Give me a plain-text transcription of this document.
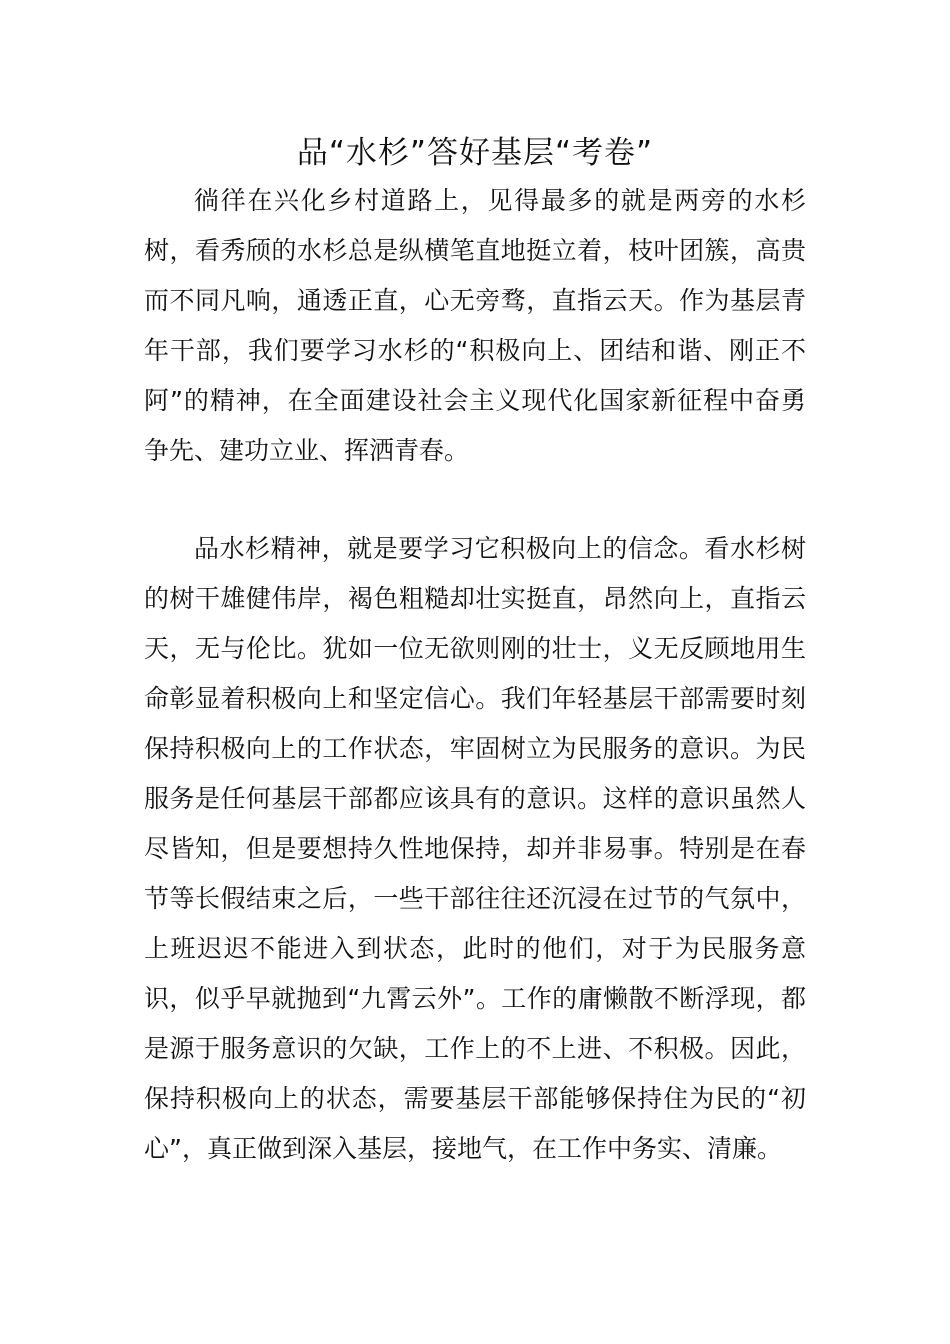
品“水杉”答好基层“考卷”

徜徉在兴化乡村道路上，见得最多的就是两旁的水杉树，看秀颀的水杉总是纵横笔直地挺立着，枝叶团簇，高贵而不同凡响，通透正直，心无旁骛，直指云天。作为基层青年干部，我们要学习水杉的“积极向上、团结和谐、刚正不阿”的精神，在全面建设社会主义现代化国家新征程中奋勇争先、建功立业、挥洒青春。

品水杉精神，就是要学习它积极向上的信念。看水杉树的树干雄健伟岸，褐色粗糙却壮实挺直，昂然向上，直指云天，无与伦比。犹如一位无欲则刚的壮士，义无反顾地用生命彰显着积极向上和坚定信心。我们年轻基层干部需要时刻保持积极向上的工作状态，牢固树立为民服务的意识。为民服务是任何基层干部都应该具有的意识。这样的意识虽然人尽皆知，但是要想持久性地保持，却并非易事。特别是在春节等长假结束之后，一些干部往往还沉浸在过节的气氛中，上班迟迟不能进入到状态，此时的他们，对于为民服务意识，似乎早就抛到“九霄云外”。工作的庸懒散不断浮现，都是源于服务意识的欠缺，工作上的不上进、不积极。因此，保持积极向上的状态，需要基层干部能够保持住为民的“初心”，真正做到深入基层，接地气，在工作中务实、清廉。
